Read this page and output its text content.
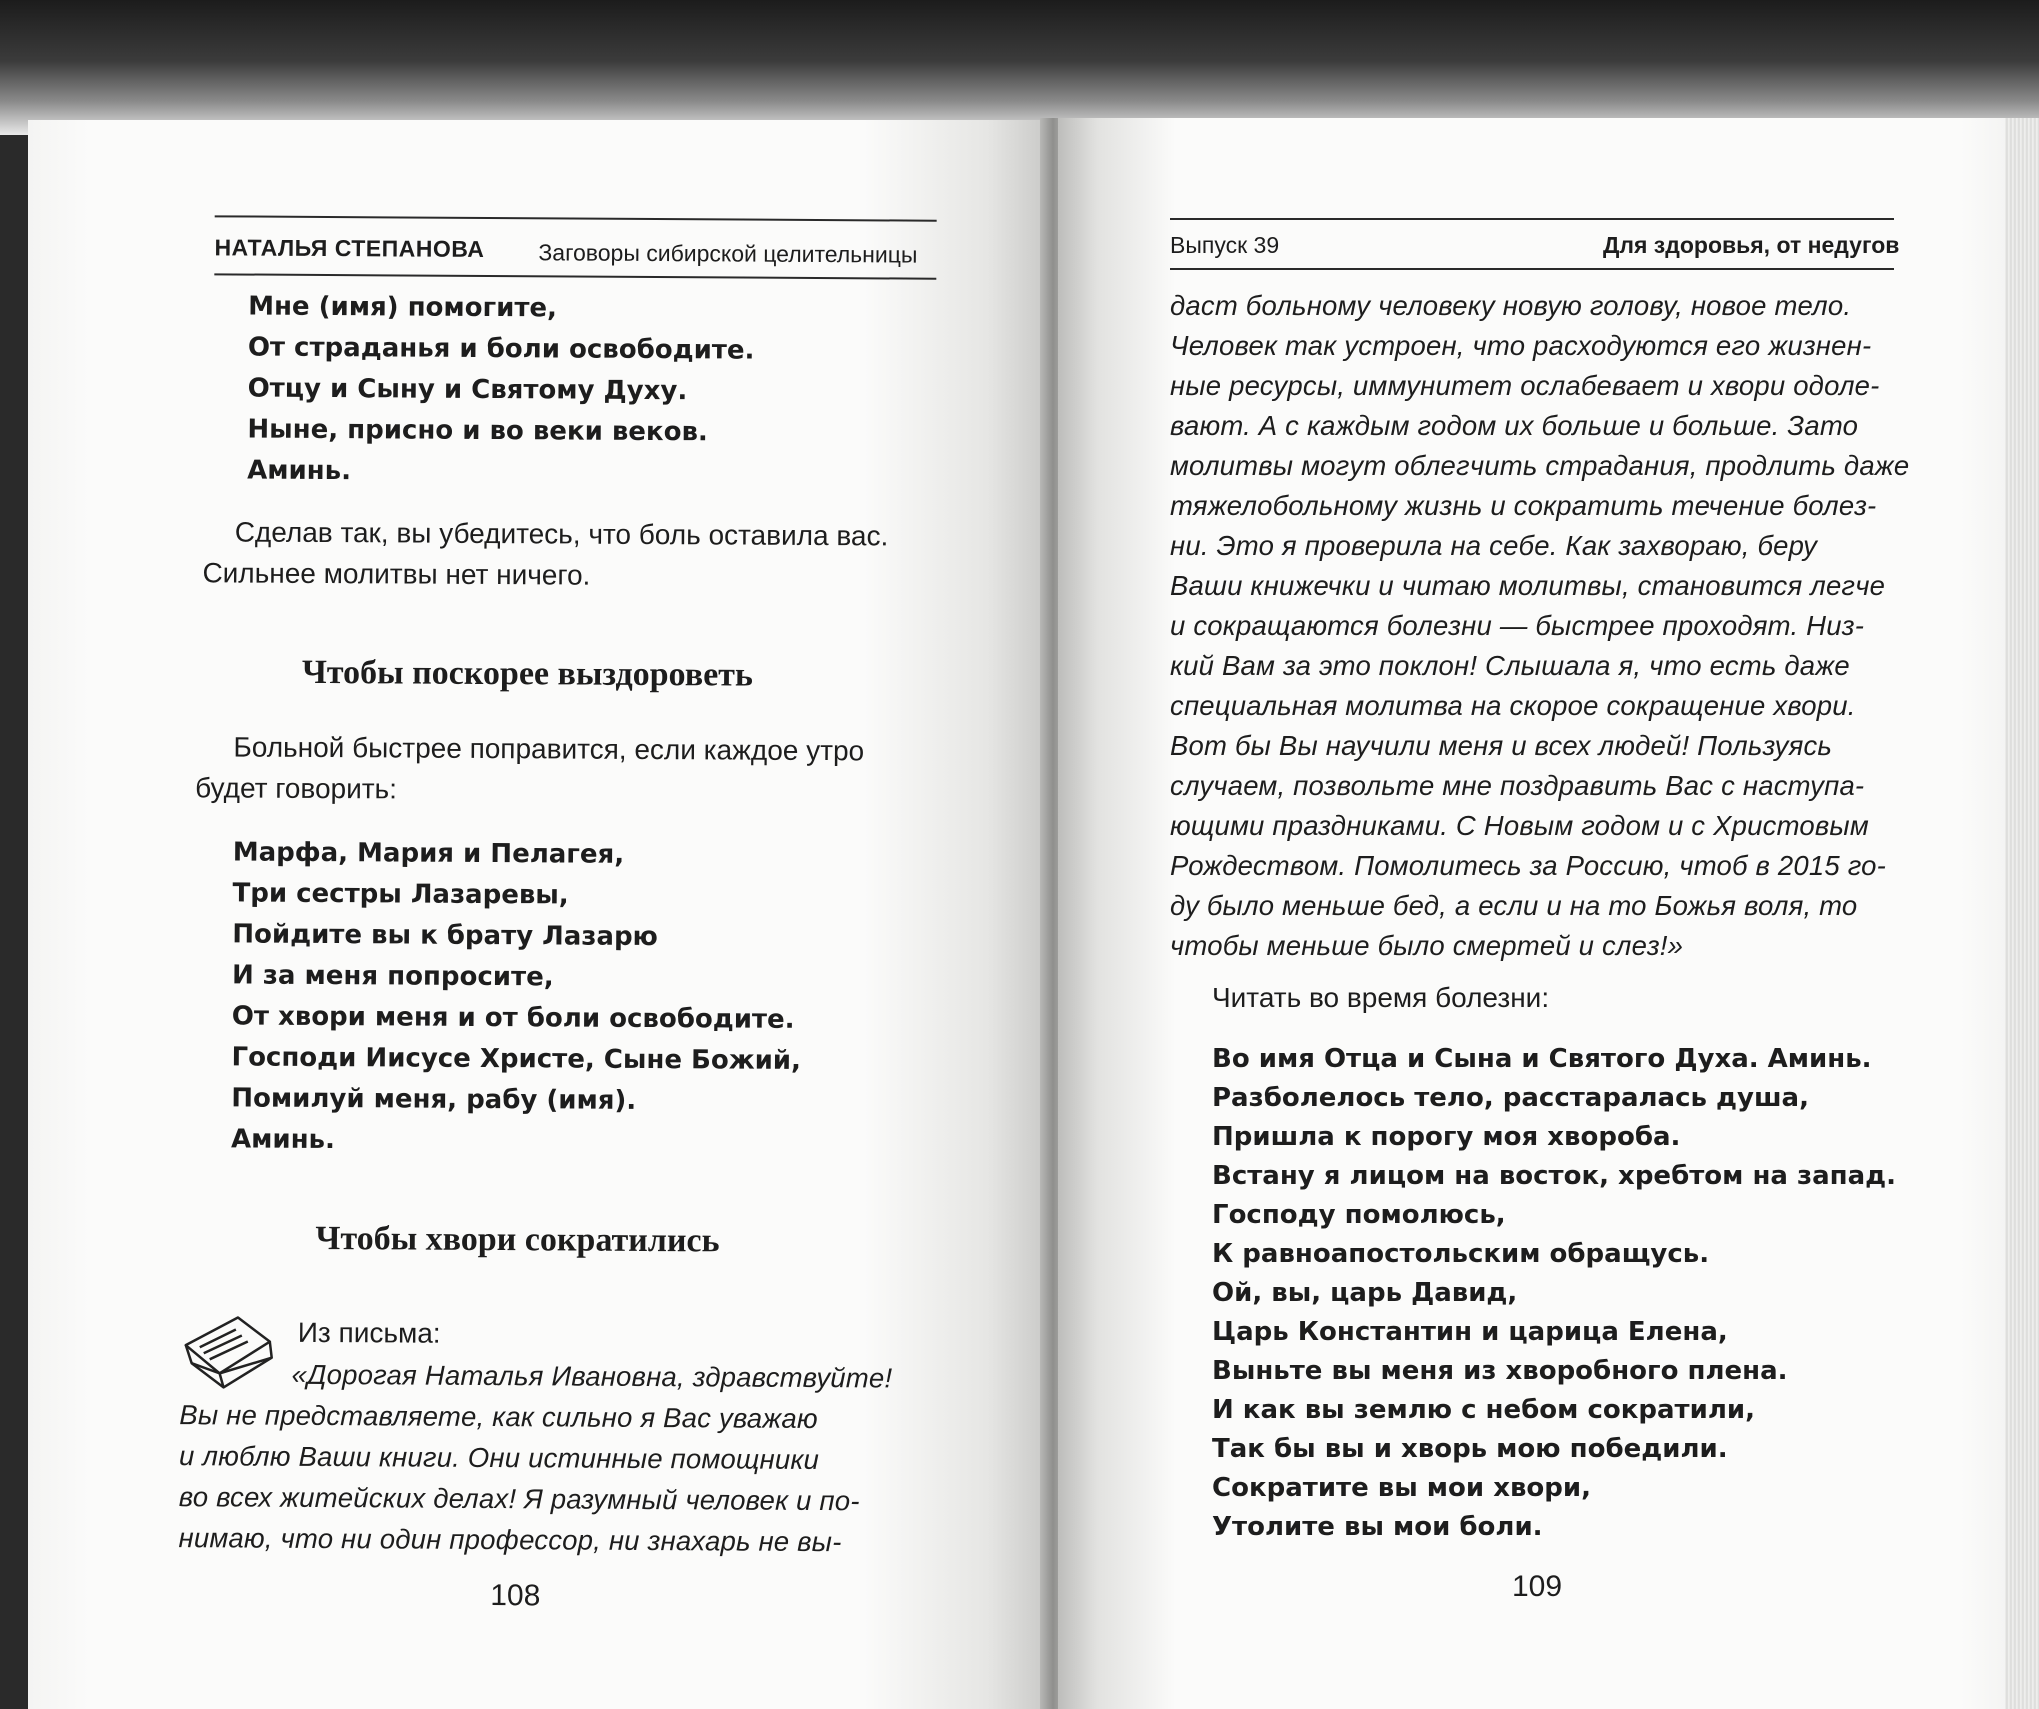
НАТАЛЬЯ СТЕПАНОВА Заговоры сибирской целительницы
Мне (имя) помогите,
От страданья и боли освободите.
Отцу и Сыну и Святому Духу.
Ныне, присно и во веки веков.
Аминь.
Сделав так, вы убедитесь, что боль оставила вас.
Сильнее молитвы нет ничего.
Чтобы поскорее выздороветь
Больной быстрее поправится, если каждое утро
будет говорить:
Марфа, Мария и Пелагея,
Три сестры Лазаревы,
Пойдите вы к брату Лазарю
И за меня попросите,
От хвори меня и от боли освободите.
Господи Иисусе Христе, Сыне Божий,
Помилуй меня, рабу (имя).
Аминь.
Чтобы хвори сократились
Из письма:
«Дорогая Наталья Ивановна, здравствуйте!
Вы не представляете, как сильно я Вас уважаю
и люблю Ваши книги. Они истинные помощники
во всех житейских делах! Я разумный человек и по-
нимаю, что ни один профессор, ни знахарь не вы-
108
Выпуск 39	Для здоровья, от недугов
даст больному человеку новую голову, новое тело.
Человек так устроен, что расходуются его жизнен-
ные ресурсы, иммунитет ослабевает и хвори одоле-
вают. А с каждым годом их больше и больше. Зато
молитвы могут облегчить страдания, продлить даже
тяжелобольному жизнь и сократить течение болез-
ни. Это я проверила на себе. Как захвораю, беру
Ваши книжечки и читаю молитвы, становится легче
и сокращаются болезни — быстрее проходят. Низ-
кий Вам за это поклон! Слышала я, что есть даже
специальная молитва на скорое сокращение хвори.
Вот бы Вы научили меня и всех людей! Пользуясь
случаем, позвольте мне поздравить Вас с наступа-
ющими праздниками. С Новым годом и с Христовым
Рождеством. Помолитесь за Россию, чтоб в 2015 го-
ду было меньше бед, а если и на то Божья воля, то
чтобы меньше было смертей и слез!»
Читать во время болезни:
Во имя Отца и Сына и Святого Духа. Аминь.
Разболелось тело, расстаралась душа,
Пришла к порогу моя хвороба.
Встану я лицом на восток, хребтом на запад.
Господу помолюсь,
К равноапостольским обращусь.
Ой, вы, царь Давид,
Царь Константин и царица Елена,
Выньте вы меня из хворобного плена.
И как вы землю с небом сократили,
Так бы вы и хворь мою победили.
Сократите вы мои хвори,
Утолите вы мои боли.
109
